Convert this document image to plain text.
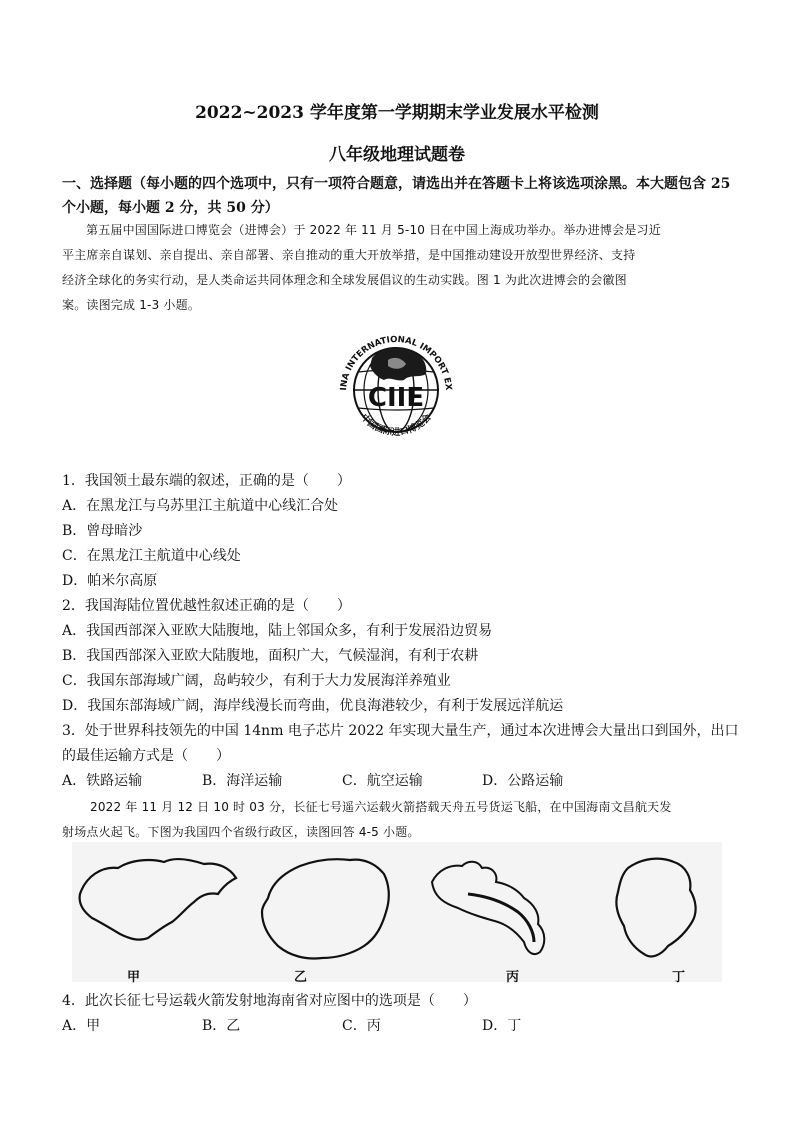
2022~2023 学年度第一学期期末学业发展水平检测
八年级地理试题卷
一、选择题（每小题的四个选项中，只有一项符合题意，请选出并在答题卡上将该选项涂黑。本大题包含 25
个小题，每小题 2 分，共 50 分）
第五届中国国际进口博览会（进博会）于 2022 年 11 月 5-10 日在中国上海成功举办。举办进博会是习近
平主席亲自谋划、亲自提出、亲自部署、亲自推动的重大开放举措，是中国推动建设开放型世界经济、支持
经济全球化的务实行动，是人类命运共同体理念和全球发展倡议的生动实践。图 1 为此次进博会的会徽图
案。读图完成 1-3 小题。
CIIE
INA INTERNATIONAL IMPORT EX
中国国际进口博览会
1．我国领土最东端的叙述，正确的是（　　）
A．在黑龙江与乌苏里江主航道中心线汇合处
B．曾母暗沙
C．在黑龙江主航道中心线处
D．帕米尔高原
2．我国海陆位置优越性叙述正确的是（　　）
A．我国西部深入亚欧大陆腹地，陆上邻国众多，有利于发展沿边贸易
B．我国西部深入亚欧大陆腹地，面积广大，气候湿润，有利于农耕
C．我国东部海域广阔，岛屿较少，有利于大力发展海洋养殖业
D．我国东部海域广阔，海岸线漫长而弯曲，优良海港较少，有利于发展远洋航运
3．处于世界科技领先的中国 14nm 电子芯片 2022 年实现大量生产，通过本次进博会大量出口到国外，出口
的最佳运输方式是（　　）
A．铁路运输	B．海洋运输	C．航空运输	D．公路运输
2022 年 11 月 12 日 10 时 03 分，长征七号遥六运载火箭搭载天舟五号货运飞船，在中国海南文昌航天发
射场点火起飞。下图为我国四个省级行政区，读图回答 4-5 小题。
甲	乙	丙	丁
4．此次长征七号运载火箭发射地海南省对应图中的选项是（　　）
A．甲	B．乙	C．丙	D．丁
